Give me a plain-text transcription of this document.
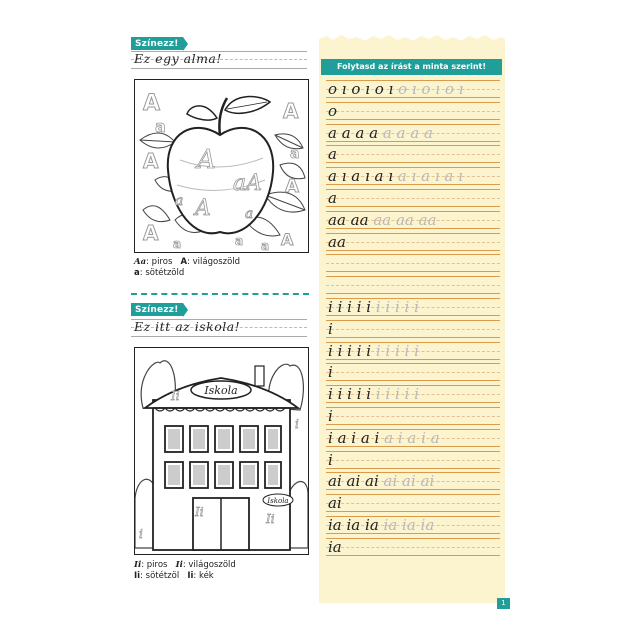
Színezz!
Ez egy alma!
A	A
A
A
A	A
a
a
a
a	a
A
aA
A
a
a
Aa: piros A: világoszöld
a: sötétzöld
Színezz!
Ez itt az iskola!
Iskola
Iskola
Ii
Ii	Ii
i
i
Ii: piros Ii: világoszöld
Ii: sötétzöl Ii: kék
Folytasd az írást a minta szerint!
o ı o ı o ı o ı o ı o ı
o
a a a a a a a a
a
a ı a ı a ı a ı a ı a ı
a
aa aa aa aa aa
aa
i i i i i i i i i i
i
i i i i i i i i i i
i
i i i i i i i i i i
i
i a i a i a i a i a
i
ai ai ai ai ai ai
ai
ia ia ia ia ia ia
ia
1
